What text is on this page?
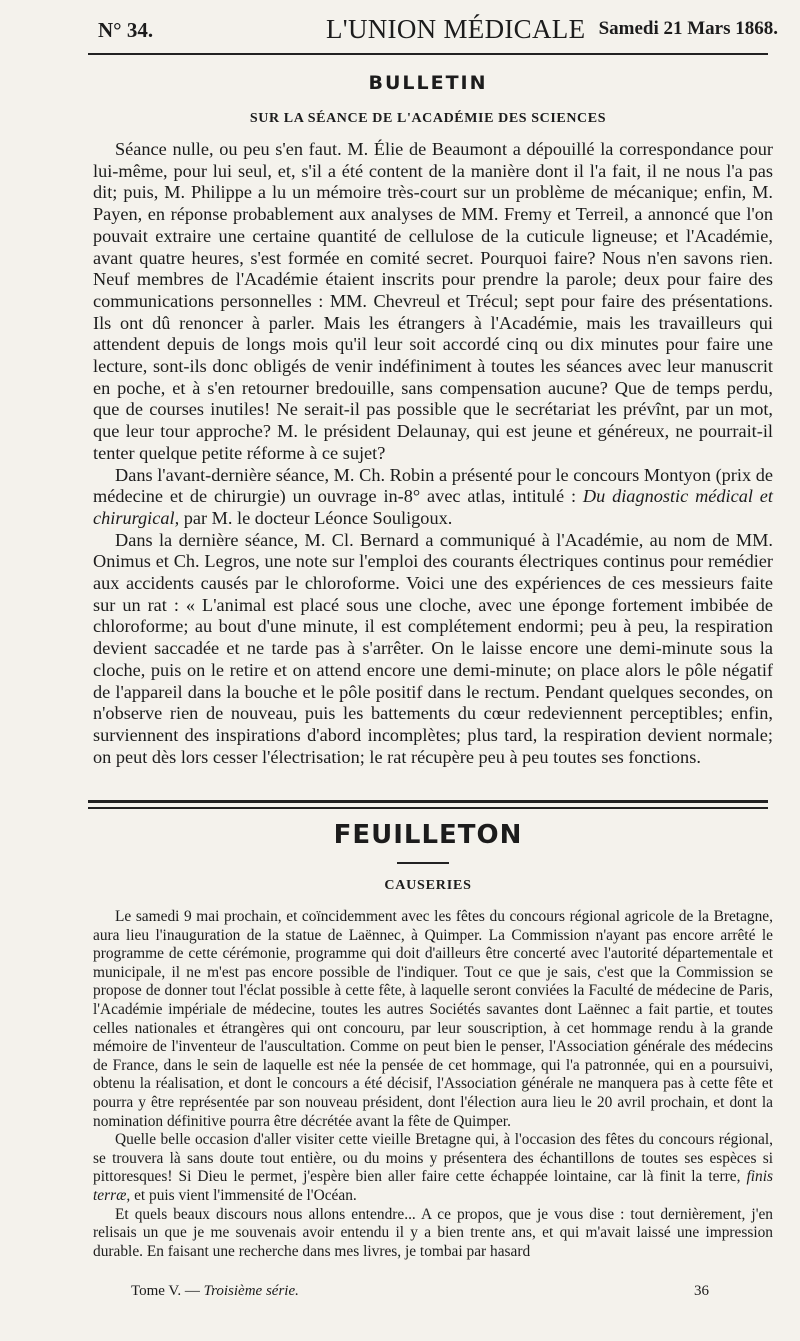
N° 34.	L'UNION MÉDICALE Samedi 21 Mars 1868.
BULLETIN
SUR LA SÉANCE DE L'ACADÉMIE DES SCIENCES

Séance nulle, ou peu s'en faut. M. Élie de Beaumont a dépouillé la correspondance pour lui-même, pour lui seul, et, s'il a été content de la manière dont il l'a fait, il ne nous l'a pas dit; puis, M. Philippe a lu un mémoire très-court sur un problème de mécanique; enfin, M. Payen, en réponse probablement aux analyses de MM. Fremy et Terreil, a annoncé que l'on pouvait extraire une certaine quantité de cellulose de la cuticule ligneuse; et l'Académie, avant quatre heures, s'est formée en comité secret. Pourquoi faire? Nous n'en savons rien. Neuf membres de l'Académie étaient inscrits pour prendre la parole; deux pour faire des communications personnelles : MM. Chevreul et Trécul; sept pour faire des présentations. Ils ont dû renoncer à parler. Mais les étrangers à l'Académie, mais les travailleurs qui attendent depuis de longs mois qu'il leur soit accordé cinq ou dix minutes pour faire une lecture, sont-ils donc obligés de venir indéfiniment à toutes les séances avec leur manuscrit en poche, et à s'en retourner bredouille, sans compensation aucune? Que de temps perdu, que de courses inutiles! Ne serait-il pas possible que le secrétariat les prévînt, par un mot, que leur tour approche? M. le président Delaunay, qui est jeune et généreux, ne pourrait-il tenter quelque petite réforme à ce sujet?

Dans l'avant-dernière séance, M. Ch. Robin a présenté pour le concours Montyon (prix de médecine et de chirurgie) un ouvrage in-8° avec atlas, intitulé : Du diagnostic médical et chirurgical, par M. le docteur Léonce Souligoux.

Dans la dernière séance, M. Cl. Bernard a communiqué à l'Académie, au nom de MM. Onimus et Ch. Legros, une note sur l'emploi des courants électriques continus pour remédier aux accidents causés par le chloroforme. Voici une des expériences de ces messieurs faite sur un rat : « L'animal est placé sous une cloche, avec une éponge fortement imbibée de chloroforme; au bout d'une minute, il est complétement endormi; peu à peu, la respiration devient saccadée et ne tarde pas à s'arrêter. On le laisse encore une demi-minute sous la cloche, puis on le retire et on attend encore une demi-minute; on place alors le pôle négatif de l'appareil dans la bouche et le pôle positif dans le rectum. Pendant quelques secondes, on n'observe rien de nouveau, puis les battements du cœur redeviennent perceptibles; enfin, surviennent des inspirations d'abord incomplètes; plus tard, la respiration devient normale; on peut dès lors cesser l'électrisation; le rat récupère peu à peu toutes ses fonctions.

FEUILLETON
CAUSERIES

Le samedi 9 mai prochain, et coïncidemment avec les fêtes du concours régional agricole de la Bretagne, aura lieu l'inauguration de la statue de Laënnec, à Quimper. La Commission n'ayant pas encore arrêté le programme de cette cérémonie, programme qui doit d'ailleurs être concerté avec l'autorité départementale et municipale, il ne m'est pas encore possible de l'indiquer. Tout ce que je sais, c'est que la Commission se propose de donner tout l'éclat possible à cette fête, à laquelle seront conviées la Faculté de médecine de Paris, l'Académie impériale de médecine, toutes les autres Sociétés savantes dont Laënnec a fait partie, et toutes celles nationales et étrangères qui ont concouru, par leur souscription, à cet hommage rendu à la grande mémoire de l'inventeur de l'auscultation. Comme on peut bien le penser, l'Association générale des médecins de France, dans le sein de laquelle est née la pensée de cet hommage, qui l'a patronnée, qui en a poursuivi, obtenu la réalisation, et dont le concours a été décisif, l'Association générale ne manquera pas à cette fête et pourra y être représentée par son nouveau président, dont l'élection aura lieu le 20 avril prochain, et dont la nomination définitive pourra être décrétée avant la fête de Quimper.

Quelle belle occasion d'aller visiter cette vieille Bretagne qui, à l'occasion des fêtes du concours régional, se trouvera là sans doute tout entière, ou du moins y présentera des échantillons de toutes ses espèces si pittoresques! Si Dieu le permet, j'espère bien aller faire cette échappée lointaine, car là finit la terre, finis terræ, et puis vient l'immensité de l'Océan.

Et quels beaux discours nous allons entendre... A ce propos, que je vous dise : tout dernièrement, j'en relisais un que je me souvenais avoir entendu il y a bien trente ans, et qui m'avait laissé une impression durable. En faisant une recherche dans mes livres, je tombai par hasard

Tome V. — Troisième série.	36
